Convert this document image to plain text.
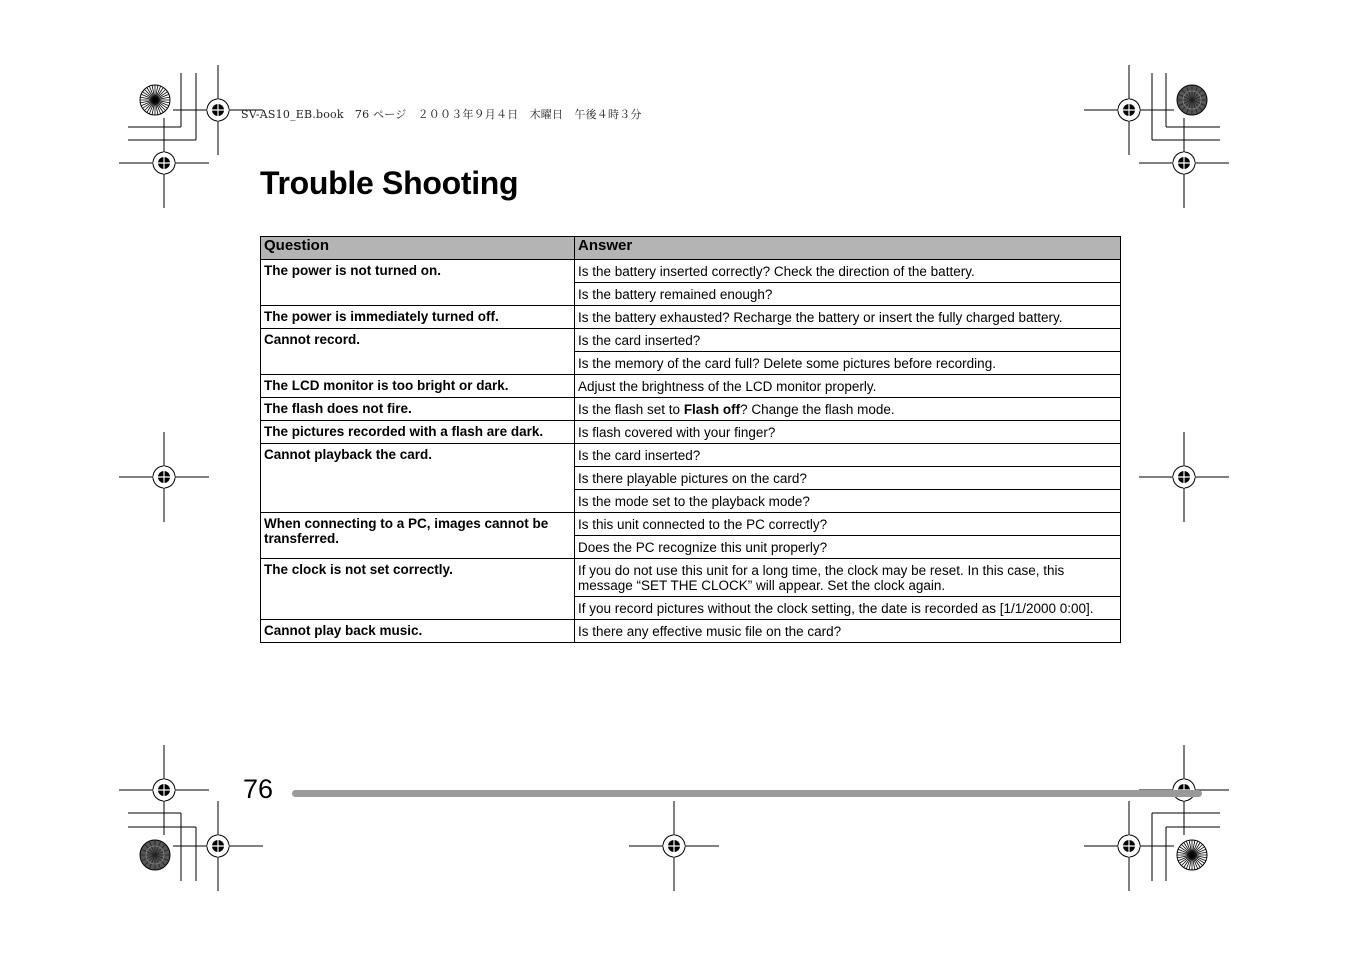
SV-AS10_EB.book　76 ページ　２００３年９月４日　木曜日　午後４時３分
Trouble Shooting
Question	Answer
The power is not turned on.	Is the battery inserted correctly? Check the direction of the battery.
	Is the battery remained enough?
The power is immediately turned off.	Is the battery exhausted? Recharge the battery or insert the fully charged battery.
Cannot record.	Is the card inserted?
	Is the memory of the card full? Delete some pictures before recording.
The LCD monitor is too bright or dark.	Adjust the brightness of the LCD monitor properly.
The flash does not fire.	Is the flash set to Flash off? Change the flash mode.
The pictures recorded with a flash are dark.	Is flash covered with your finger?
Cannot playback the card.	Is the card inserted?
	Is there playable pictures on the card?
	Is the mode set to the playback mode?
When connecting to a PC, images cannot be transferred.	Is this unit connected to the PC correctly?
	Does the PC recognize this unit properly?
The clock is not set correctly.	If you do not use this unit for a long time, the clock may be reset. In this case, this message “SET THE CLOCK” will appear. Set the clock again.
	If you record pictures without the clock setting, the date is recorded as [1/1/2000 0:00].
Cannot play back music.	Is there any effective music file on the card?
76
